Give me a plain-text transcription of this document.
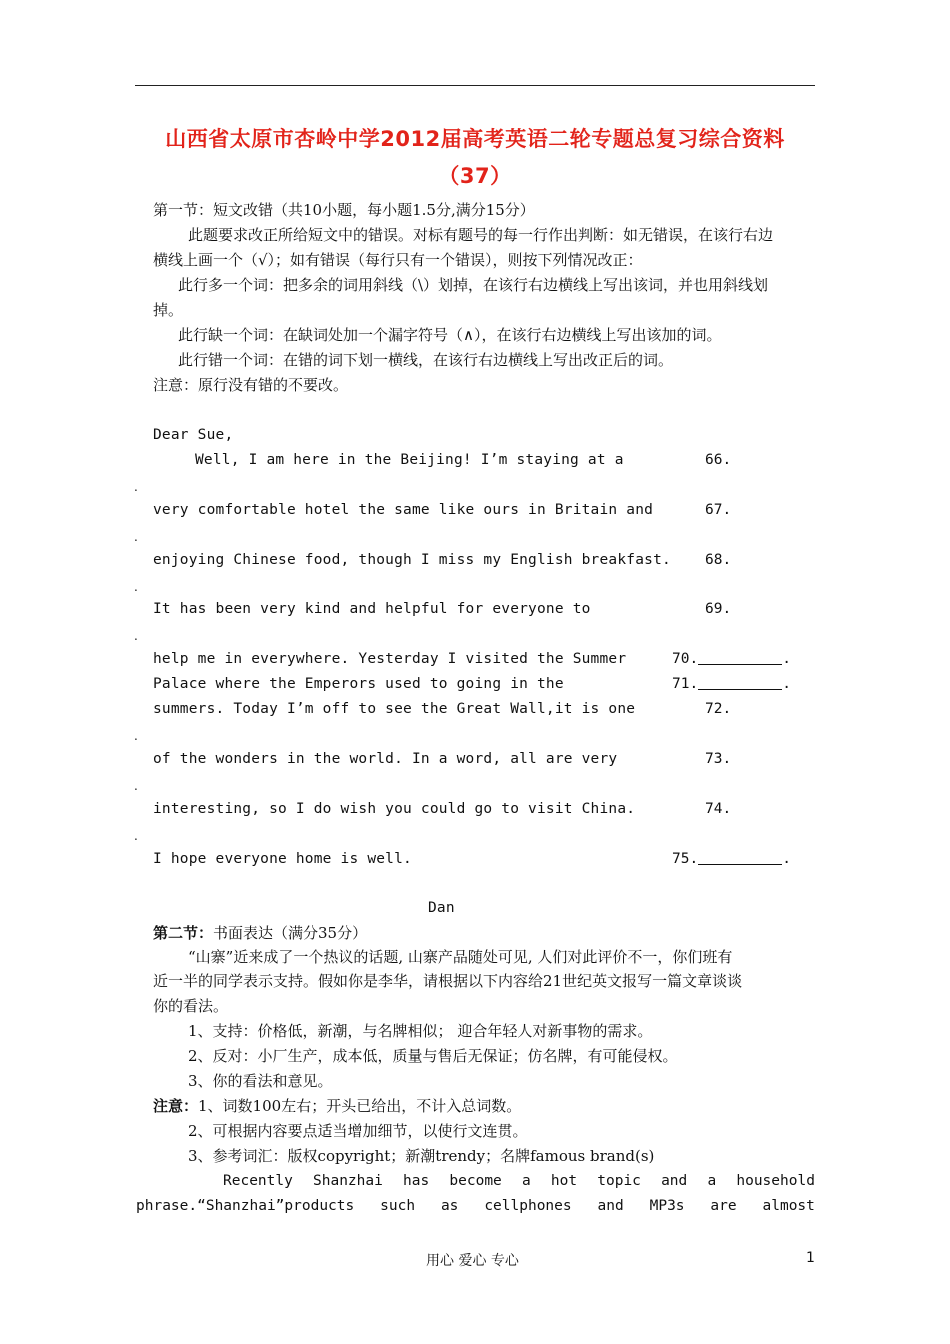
山西省太原市杏岭中学2012届高考英语二轮专题总复习综合资料
（37）
第一节：短文改错（共10小题，每小题1.5分,满分15分）
此题要求改正所给短文中的错误。对标有题号的每一行作出判断：如无错误，在该行右边
横线上画一个（√）；如有错误（每行只有一个错误），则按下列情况改正：
此行多一个词：把多余的词用斜线（\）划掉，在该行右边横线上写出该词，并也用斜线划
掉。
此行缺一个词：在缺词处加一个漏字符号（∧），在该行右边横线上写出该加的词。
此行错一个词：在错的词下划一横线，在该行右边横线上写出改正后的词。
注意：原行没有错的不要改。
Dear Sue,
Well, I am here in the Beijing! I’m staying at a	66.
.
very comfortable hotel the same like ours in Britain and	67.
.
enjoying Chinese food, though I miss my English breakfast. 68.
.
It has been very kind and helpful for everyone to	69.
.
help me in everywhere. Yesterday I visited the Summer	70.	.
Palace where the Emperors used to going in the	71.	.
summers. Today I’m off to see the Great Wall,it is one	72.
.
of the wonders in the world. In a word, all are very	73.
.
interesting, so I do wish you could go to visit China.	74.
.
I hope everyone home is well.	75.	.
Dan
第二节：书面表达（满分35分）
“山寨”近来成了一个热议的话题, 山寨产品随处可见, 人们对此评价不一，你们班有
近一半的同学表示支持。假如你是李华，请根据以下内容给21世纪英文报写一篇文章谈谈
你的看法。
1、支持：价格低，新潮，与名牌相似； 迎合年轻人对新事物的需求。
2、反对：小厂生产，成本低，质量与售后无保证；仿名牌，有可能侵权。
3、你的看法和意见。
注意：1、词数100左右；开头已给出，不计入总词数。
2、可根据内容要点适当增加细节，以使行文连贯。
3、参考词汇：版权copyright；新潮trendy；名牌famous brand(s)
Recently Shanzhai has become a hot topic and a household
phrase.“Shanzhai”products such as cellphones and MP3s are almost
用心 爱心 专心	1
